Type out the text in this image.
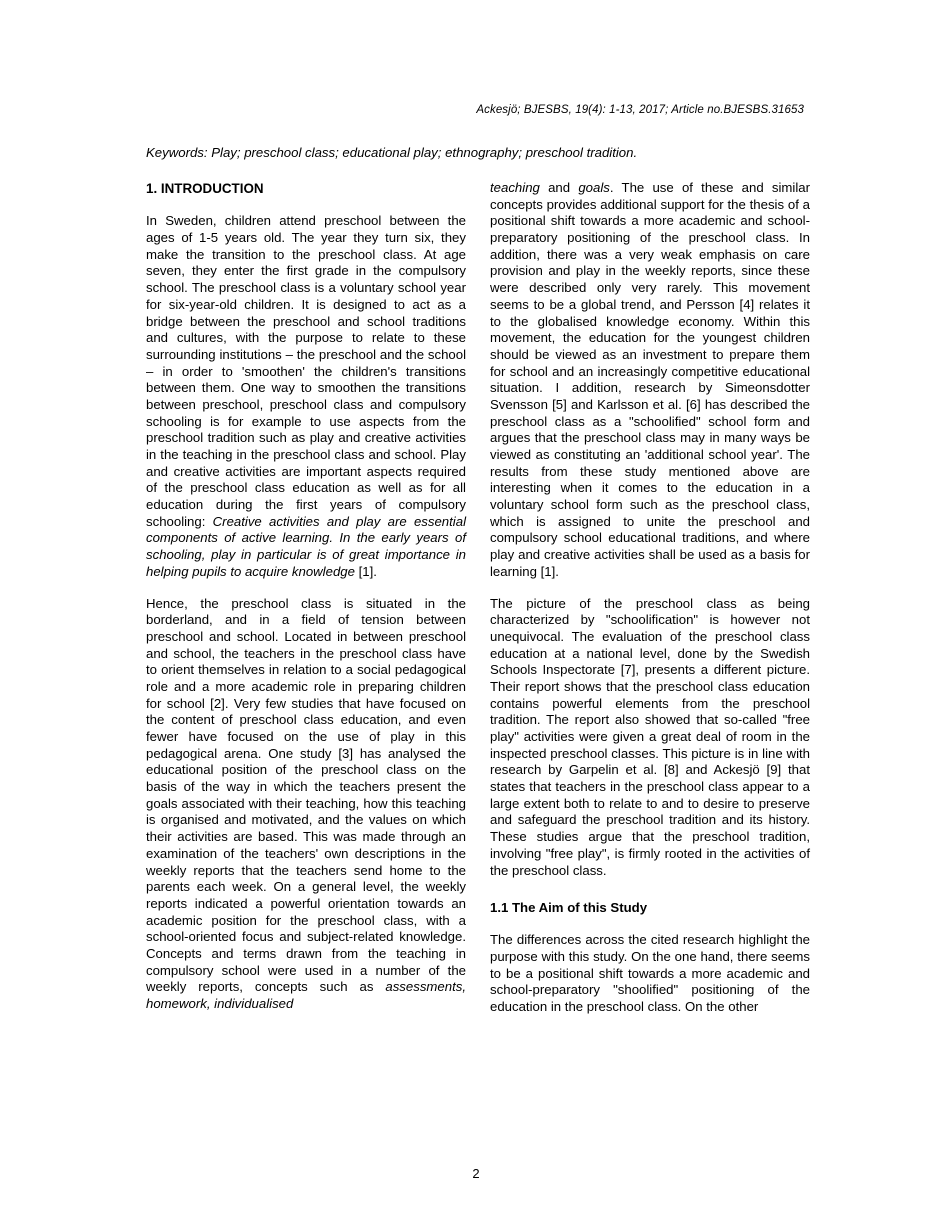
Ackesjö; BJESBS, 19(4): 1-13, 2017; Article no.BJESBS.31653
Keywords: Play; preschool class; educational play; ethnography; preschool tradition.
1. INTRODUCTION

In Sweden, children attend preschool between the ages of 1-5 years old. The year they turn six, they make the transition to the preschool class. At age seven, they enter the first grade in the compulsory school. The preschool class is a voluntary school year for six-year-old children. It is designed to act as a bridge between the preschool and school traditions and cultures, with the purpose to relate to these surrounding institutions – the preschool and the school – in order to 'smoothen' the children's transitions between them. One way to smoothen the transitions between preschool, preschool class and compulsory schooling is for example to use aspects from the preschool tradition such as play and creative activities in the teaching in the preschool class and school. Play and creative activities are important aspects required of the preschool class education as well as for all education during the first years of compulsory schooling: Creative activities and play are essential components of active learning. In the early years of schooling, play in particular is of great importance in helping pupils to acquire knowledge [1].

Hence, the preschool class is situated in the borderland, and in a field of tension between preschool and school. Located in between preschool and school, the teachers in the preschool class have to orient themselves in relation to a social pedagogical role and a more academic role in preparing children for school [2]. Very few studies that have focused on the content of preschool class education, and even fewer have focused on the use of play in this pedagogical arena. One study [3] has analysed the educational position of the preschool class on the basis of the way in which the teachers present the goals associated with their teaching, how this teaching is organised and motivated, and the values on which their activities are based. This was made through an examination of the teachers' own descriptions in the weekly reports that the teachers send home to the parents each week. On a general level, the weekly reports indicated a powerful orientation towards an academic position for the preschool class, with a school-oriented focus and subject-related knowledge. Concepts and terms drawn from the teaching in compulsory school were used in a number of the weekly reports, concepts such as assessments, homework, individualised

teaching and goals. The use of these and similar concepts provides additional support for the thesis of a positional shift towards a more academic and school-preparatory positioning of the preschool class. In addition, there was a very weak emphasis on care provision and play in the weekly reports, since these were described only very rarely. This movement seems to be a global trend, and Persson [4] relates it to the globalised knowledge economy. Within this movement, the education for the youngest children should be viewed as an investment to prepare them for school and an increasingly competitive educational situation. I addition, research by Simeonsdotter Svensson [5] and Karlsson et al. [6] has described the preschool class as a "schoolified" school form and argues that the preschool class may in many ways be viewed as constituting an 'additional school year'. The results from these study mentioned above are interesting when it comes to the education in a voluntary school form such as the preschool class, which is assigned to unite the preschool and compulsory school educational traditions, and where play and creative activities shall be used as a basis for learning [1].

The picture of the preschool class as being characterized by "schoolification" is however not unequivocal. The evaluation of the preschool class education at a national level, done by the Swedish Schools Inspectorate [7], presents a different picture. Their report shows that the preschool class education contains powerful elements from the preschool tradition. The report also showed that so-called "free play" activities were given a great deal of room in the inspected preschool classes. This picture is in line with research by Garpelin et al. [8] and Ackesjö [9] that states that teachers in the preschool class appear to a large extent both to relate to and to desire to preserve and safeguard the preschool tradition and its history. These studies argue that the preschool tradition, involving "free play", is firmly rooted in the activities of the preschool class.

1.1 The Aim of this Study

The differences across the cited research highlight the purpose with this study. On the one hand, there seems to be a positional shift towards a more academic and school-preparatory "shoolified" positioning of the education in the preschool class. On the other

2
